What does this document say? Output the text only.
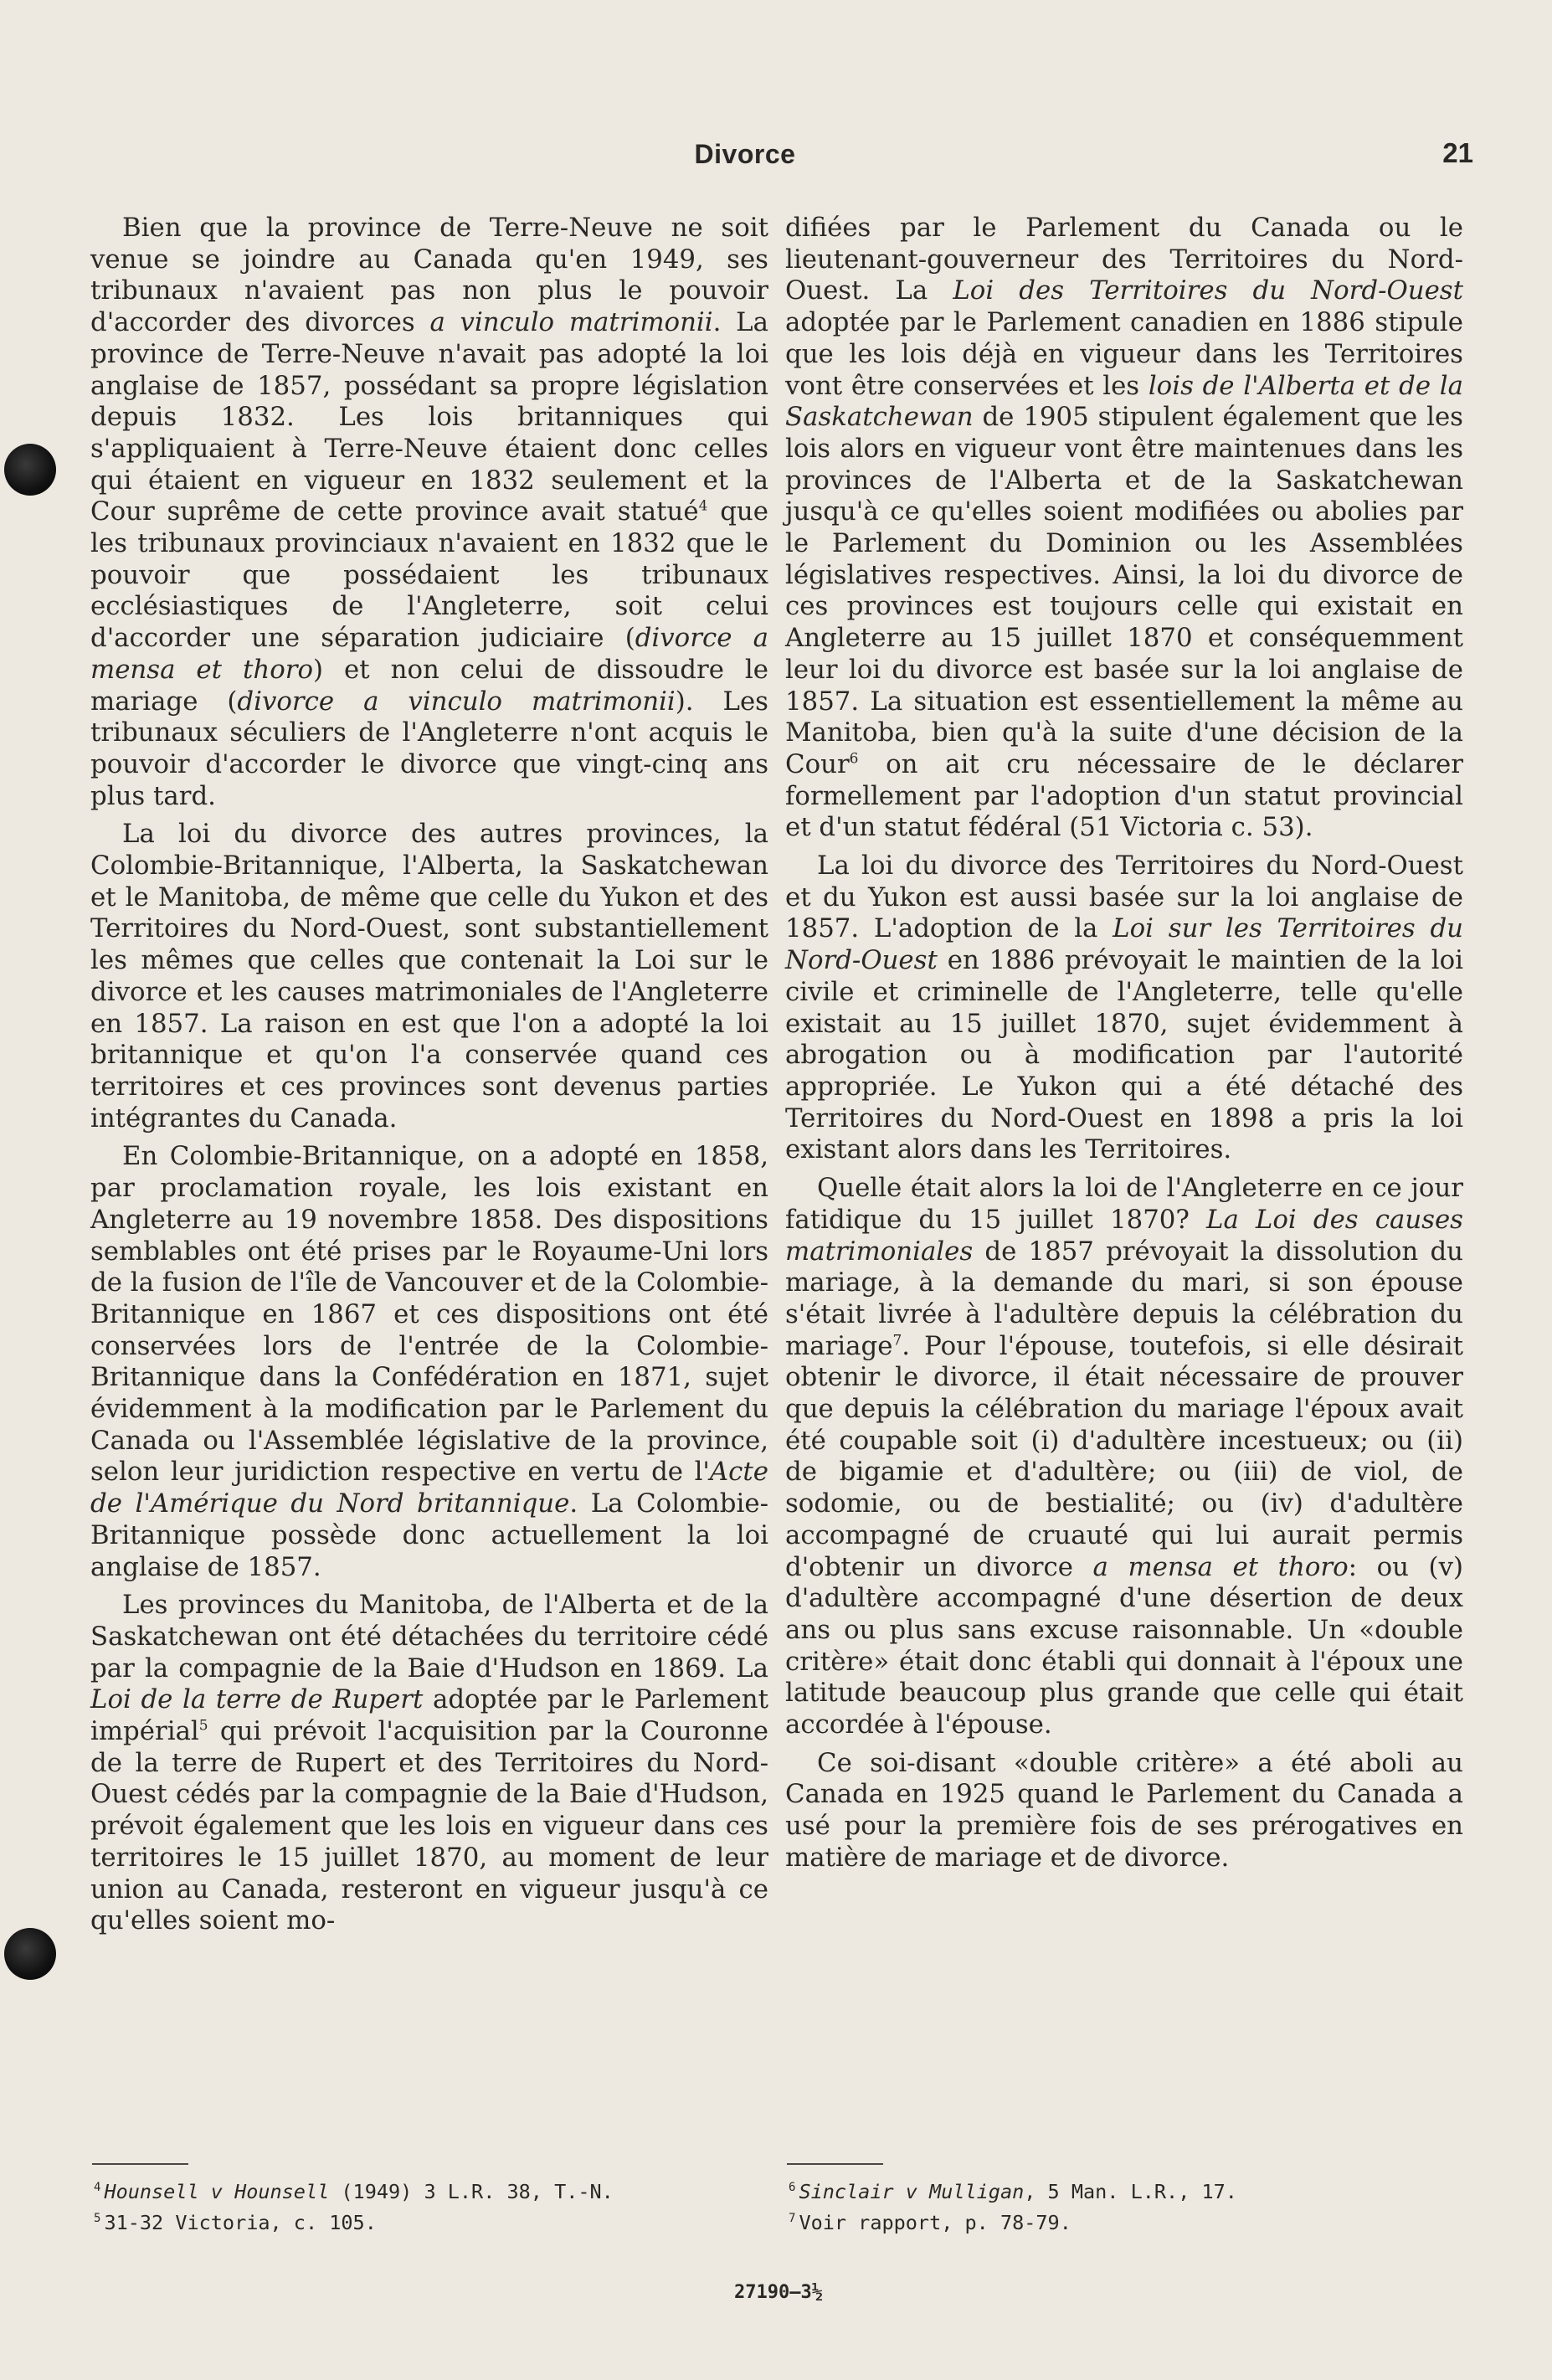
Divorce	21

Bien que la province de Terre-Neuve ne soit venue se joindre au Canada qu'en 1949, ses tribunaux n'avaient pas non plus le pouvoir d'accorder des divorces a vinculo matrimonii. La province de Terre-Neuve n'avait pas adopté la loi anglaise de 1857, possédant sa propre législation depuis 1832. Les lois britanniques qui s'appliquaient à Terre-Neuve étaient donc celles qui étaient en vigueur en 1832 seulement et la Cour suprême de cette province avait statué$^4$ que les tribunaux provinciaux n'avaient en 1832 que le pouvoir que possédaient les tribunaux ecclésiastiques de l'Angleterre, soit celui d'accorder une séparation judiciaire (divorce a mensa et thoro) et non celui de dissoudre le mariage (divorce a vinculo matrimonii). Les tribunaux séculiers de l'Angleterre n'ont acquis le pouvoir d'accorder le divorce que vingt-cinq ans plus tard.

La loi du divorce des autres provinces, la Colombie-Britannique, l'Alberta, la Saskatchewan et le Manitoba, de même que celle du Yukon et des Territoires du Nord-Ouest, sont substantiellement les mêmes que celles que contenait la Loi sur le divorce et les causes matrimoniales de l'Angleterre en 1857. La raison en est que l'on a adopté la loi britannique et qu'on l'a conservée quand ces territoires et ces provinces sont devenus parties intégrantes du Canada.

En Colombie-Britannique, on a adopté en 1858, par proclamation royale, les lois existant en Angleterre au 19 novembre 1858. Des dispositions semblables ont été prises par le Royaume-Uni lors de la fusion de l'île de Vancouver et de la Colombie-Britannique en 1867 et ces dispositions ont été conservées lors de l'entrée de la Colombie-Britannique dans la Confédération en 1871, sujet évidemment à la modification par le Parlement du Canada ou l'Assemblée législative de la province, selon leur juridiction respective en vertu de l'Acte de l'Amérique du Nord britannique. La Colombie-Britannique possède donc actuellement la loi anglaise de 1857.

Les provinces du Manitoba, de l'Alberta et de la Saskatchewan ont été détachées du territoire cédé par la compagnie de la Baie d'Hudson en 1869. La Loi de la terre de Rupert adoptée par le Parlement impérial$^5$ qui prévoit l'acquisition par la Couronne de la terre de Rupert et des Territoires du Nord-Ouest cédés par la compagnie de la Baie d'Hudson, prévoit également que les lois en vigueur dans ces territoires le 15 juillet 1870, au moment de leur union au Canada, resteront en vigueur jusqu'à ce qu'elles soient mo-

difiées par le Parlement du Canada ou le lieutenant-gouverneur des Territoires du Nord-Ouest. La Loi des Territoires du Nord-Ouest adoptée par le Parlement canadien en 1886 stipule que les lois déjà en vigueur dans les Territoires vont être conservées et les lois de l'Alberta et de la Saskatchewan de 1905 stipulent également que les lois alors en vigueur vont être maintenues dans les provinces de l'Alberta et de la Saskatchewan jusqu'à ce qu'elles soient modifiées ou abolies par le Parlement du Dominion ou les Assemblées législatives respectives. Ainsi, la loi du divorce de ces provinces est toujours celle qui existait en Angleterre au 15 juillet 1870 et conséquemment leur loi du divorce est basée sur la loi anglaise de 1857. La situation est essentiellement la même au Manitoba, bien qu'à la suite d'une décision de la Cour$^6$ on ait cru nécessaire de le déclarer formellement par l'adoption d'un statut provincial et d'un statut fédéral (51 Victoria c. 53).

La loi du divorce des Territoires du Nord-Ouest et du Yukon est aussi basée sur la loi anglaise de 1857. L'adoption de la Loi sur les Territoires du Nord-Ouest en 1886 prévoyait le maintien de la loi civile et criminelle de l'Angleterre, telle qu'elle existait au 15 juillet 1870, sujet évidemment à abrogation ou à modification par l'autorité appropriée. Le Yukon qui a été détaché des Territoires du Nord-Ouest en 1898 a pris la loi existant alors dans les Territoires.

Quelle était alors la loi de l'Angleterre en ce jour fatidique du 15 juillet 1870? La Loi des causes matrimoniales de 1857 prévoyait la dissolution du mariage, à la demande du mari, si son épouse s'était livrée à l'adultère depuis la célébration du mariage$^7$. Pour l'épouse, toutefois, si elle désirait obtenir le divorce, il était nécessaire de prouver que depuis la célébration du mariage l'époux avait été coupable soit (i) d'adultère incestueux; ou (ii) de bigamie et d'adultère; ou (iii) de viol, de sodomie, ou de bestialité; ou (iv) d'adultère accompagné de cruauté qui lui aurait permis d'obtenir un divorce a mensa et thoro: ou (v) d'adultère accompagné d'une désertion de deux ans ou plus sans excuse raisonnable. Un «double critère» était donc établi qui donnait à l'époux une latitude beaucoup plus grande que celle qui était accordée à l'épouse.

Ce soi-disant «double critère» a été aboli au Canada en 1925 quand le Parlement du Canada a usé pour la première fois de ses prérogatives en matière de mariage et de divorce.

$^4$ Hounsell v Hounsell (1949) 3 L.R. 38, T.-N.
$^5$ 31-32 Victoria, c. 105.
$^6$ Sinclair v Mulligan, 5 Man. L.R., 17.
$^7$ Voir rapport, p. 78-79.
27190—3½
